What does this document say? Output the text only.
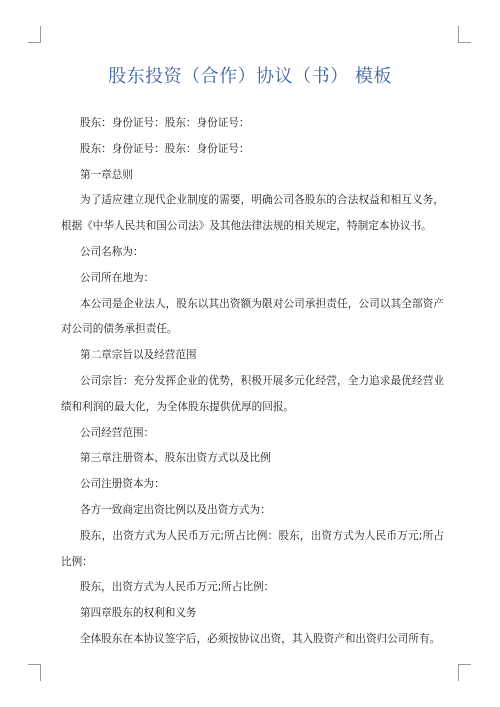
股东投资（合作）协议（书） 模板

股东：身份证号：股东：身份证号：

股东：身份证号：股东：身份证号：

第一章总则

为了适应建立现代企业制度的需要，明确公司各股东的合法权益和相互义务，根据《中华人民共和国公司法》及其他法律法规的相关规定，特制定本协议书。

公司名称为：

公司所在地为：

本公司是企业法人，股东以其出资额为限对公司承担责任，公司以其全部资产对公司的债务承担责任。

第二章宗旨以及经营范围

公司宗旨：充分发挥企业的优势，积极开展多元化经营，全力追求最优经营业绩和利润的最大化，为全体股东提供优厚的回报。

公司经营范围：

第三章注册资本、股东出资方式以及比例

公司注册资本为：

各方一致商定出资比例以及出资方式为：

股东，出资方式为人民币万元;所占比例：股东，出资方式为人民币万元;所占比例：

股东，出资方式为人民币万元;所占比例：

第四章股东的权利和义务

全体股东在本协议签字后，必须按协议出资，其入股资产和出资归公司所有。
